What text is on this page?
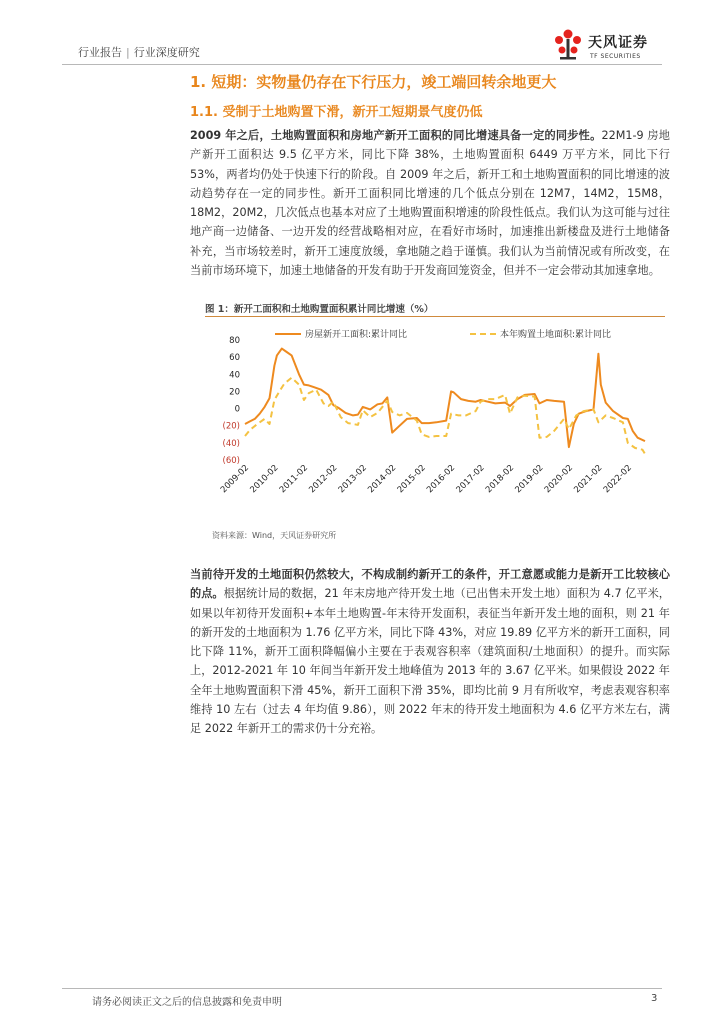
行业报告 | 行业深度研究
天风证券
TF SECURITIES
1. 短期：实物量仍存在下行压力，竣工端回转余地更大
1.1. 受制于土地购置下滑，新开工短期景气度仍低

2009 年之后，土地购置面积和房地产新开工面积的同比增速具备一定的同步性。22M1-9 房地产新开工面积达 9.5 亿平方米，同比下降 38%，土地购置面积 6449 万平方米，同比下行 53%，两者均仍处于快速下行的阶段。自 2009 年之后，新开工和土地购置面积的同比增速的波动趋势存在一定的同步性。新开工面积同比增速的几个低点分别在 12M7，14M2，15M8，18M2，20M2，几次低点也基本对应了土地购置面积增速的阶段性低点。我们认为这可能与过往地产商一边储备、一边开发的经营战略相对应，在看好市场时，加速推出新楼盘及进行土地储备补充，当市场较差时，新开工速度放缓，拿地随之趋于谨慎。我们认为当前情况或有所改变，在当前市场环境下，加速土地储备的开发有助于开发商回笼资金，但并不一定会带动其加速拿地。

图 1：新开工面积和土地购置面积累计同比增速（%）
房屋新开工面积:累计同比	本年购置土地面积:累计同比
80
60
40
20
0
(20)
(40)
(60)
2009-02
2010-02
2011-02
2012-02
2013-02
2014-02
2015-02
2016-02
2017-02
2018-02
2019-02
2020-02
2021-02
2022-02
资料来源：Wind，天风证券研究所

当前待开发的土地面积仍然较大，不构成制约新开工的条件，开工意愿或能力是新开工比较核心的点。根据统计局的数据，21 年末房地产待开发土地（已出售未开发土地）面积为 4.7 亿平米，如果以年初待开发面积+本年土地购置-年末待开发面积，表征当年新开发土地的面积，则 21 年的新开发的土地面积为 1.76 亿平方米，同比下降 43%，对应 19.89 亿平方米的新开工面积，同比下降 11%，新开工面积降幅偏小主要在于表观容积率（建筑面积/土地面积）的提升。而实际上，2012-2021 年 10 年间当年新开发土地峰值为 2013 年的 3.67 亿平米。如果假设 2022 年全年土地购置面积下滑 45%，新开工面积下滑 35%，即均比前 9 月有所收窄，考虑表观容积率维持 10 左右（过去 4 年均值 9.86），则 2022 年末的待开发土地面积为 4.6 亿平方米左右，满足 2022 年新开工的需求仍十分充裕。

请务必阅读正文之后的信息披露和免责申明	3
